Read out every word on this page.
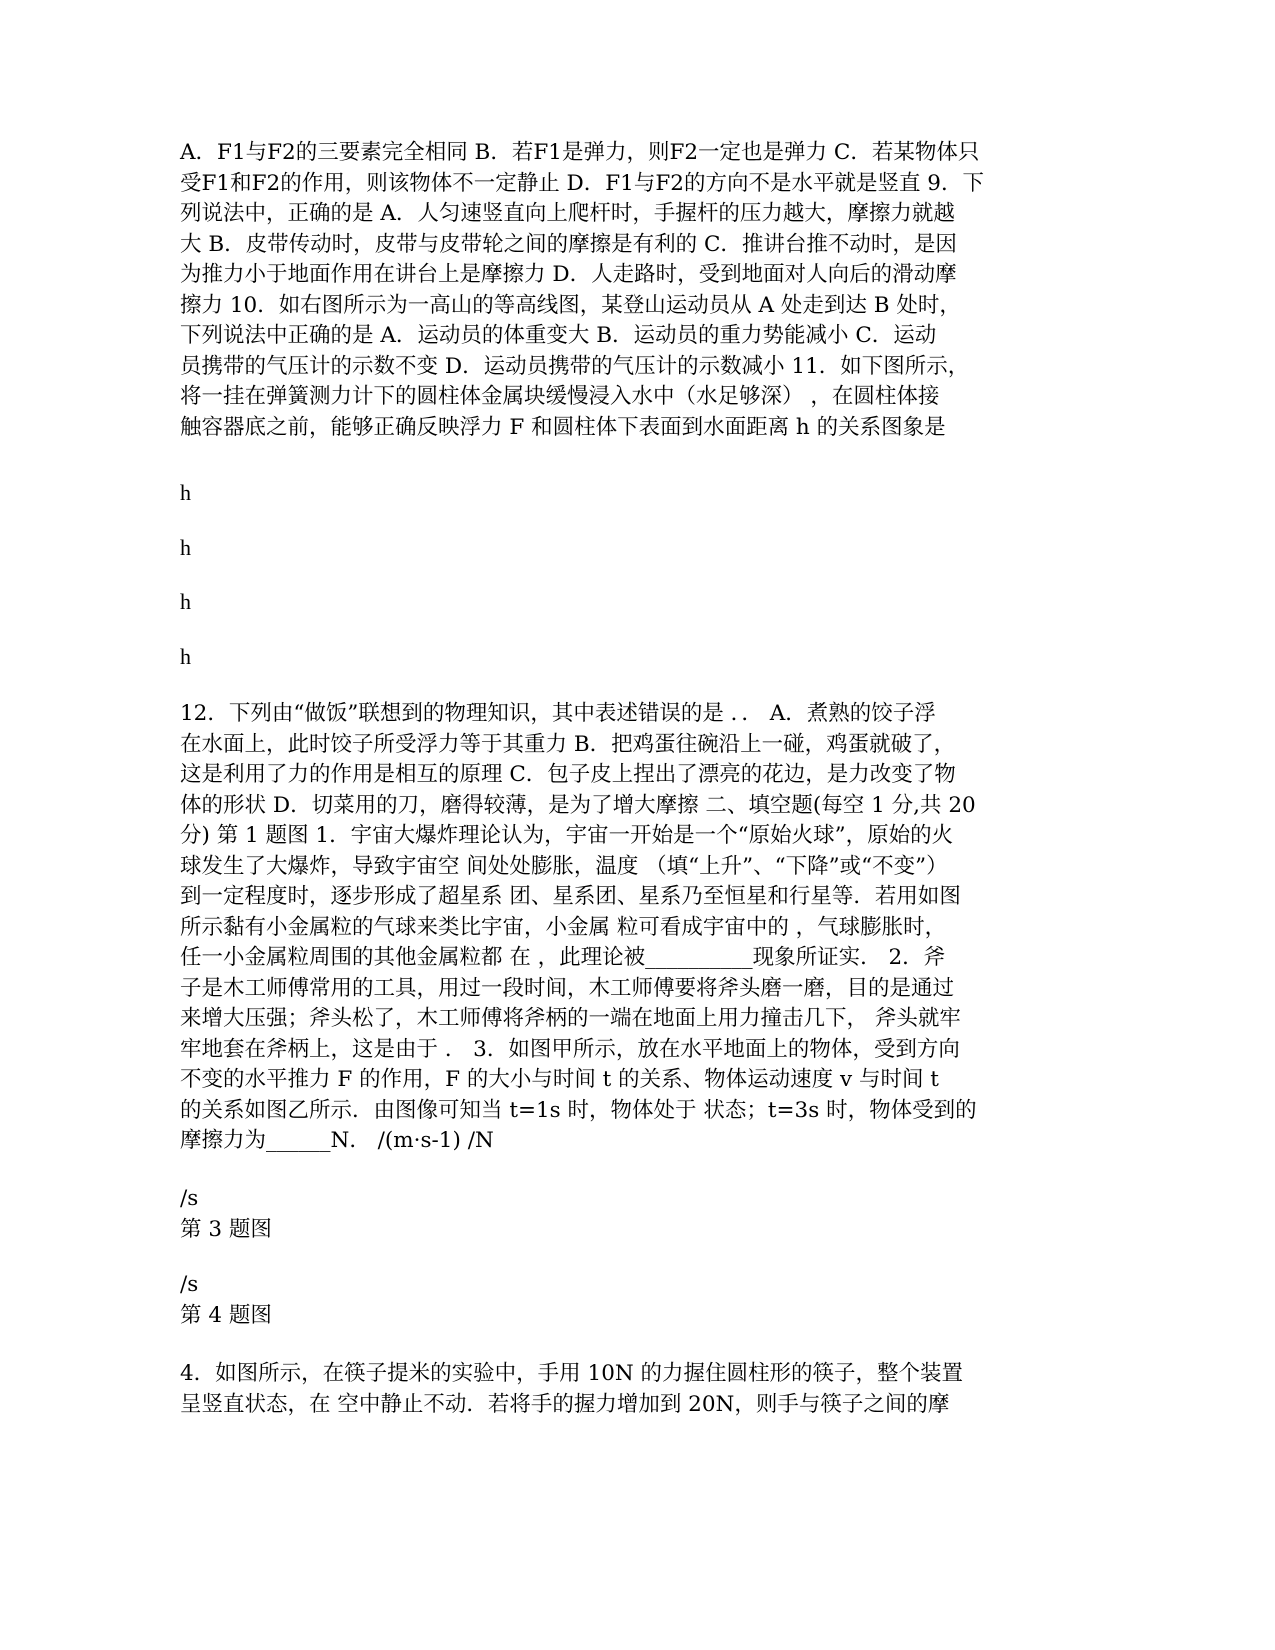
A．F1与F2的三要素完全相同 B．若F1是弹力，则F2一定也是弹力 C．若某物体只
受F1和F2的作用，则该物体不一定静止 D．F1与F2的方向不是水平就是竖直 9．下
列说法中，正确的是 A．人匀速竖直向上爬杆时，手握杆的压力越大，摩擦力就越
大 B．皮带传动时，皮带与皮带轮之间的摩擦是有利的 C．推讲台推不动时，是因
为推力小于地面作用在讲台上是摩擦力 D．人走路时，受到地面对人向后的滑动摩
擦力 10．如右图所示为一高山的等高线图，某登山运动员从 A 处走到达 B 处时，
下列说法中正确的是 A．运动员的体重变大 B．运动员的重力势能减小 C．运动
员携带的气压计的示数不变 D．运动员携带的气压计的示数减小 11．如下图所示，
将一挂在弹簧测力计下的圆柱体金属块缓慢浸入水中（水足够深） ，在圆柱体接
触容器底之前，能够正确反映浮力 F 和圆柱体下表面到水面距离 h 的关系图象是
h
h
h
h
12．下列由“做饭”联想到的物理知识，其中表述错误的是 ．． A．煮熟的饺子浮
在水面上，此时饺子所受浮力等于其重力 B．把鸡蛋往碗沿上一碰，鸡蛋就破了，
这是利用了力的作用是相互的原理 C．包子皮上捏出了漂亮的花边，是力改变了物
体的形状 D．切菜用的刀，磨得较薄，是为了增大摩擦 二、填空题(每空 1 分,共 20
分) 第 1 题图 1．宇宙大爆炸理论认为，宇宙一开始是一个“原始火球”，原始的火
球发生了大爆炸，导致宇宙空 间处处膨胀，温度 （填“上升”、“下降”或“不变”）
到一定程度时，逐步形成了超星系 团、星系团、星系乃至恒星和行星等．若用如图
所示黏有小金属粒的气球来类比宇宙，小金属 粒可看成宇宙中的 ，气球膨胀时，
任一小金属粒周围的其他金属粒都 在 ，此理论被__________现象所证实． 2．斧
子是木工师傅常用的工具，用过一段时间，木工师傅要将斧头磨一磨，目的是通过
来增大压强；斧头松了，木工师傅将斧柄的一端在地面上用力撞击几下， 斧头就牢
牢地套在斧柄上，这是由于 ． 3．如图甲所示，放在水平地面上的物体，受到方向
不变的水平推力 F 的作用，F 的大小与时间 t 的关系、物体运动速度 v 与时间 t
的关系如图乙所示．由图像可知当 t=1s 时，物体处于 状态；t=3s 时，物体受到的
摩擦力为______N． /(m·s-1) /N
/s
第 3 题图
/s
第 4 题图
4．如图所示，在筷子提米的实验中，手用 10N 的力握住圆柱形的筷子，整个装置
呈竖直状态，在 空中静止不动．若将手的握力增加到 20N，则手与筷子之间的摩
